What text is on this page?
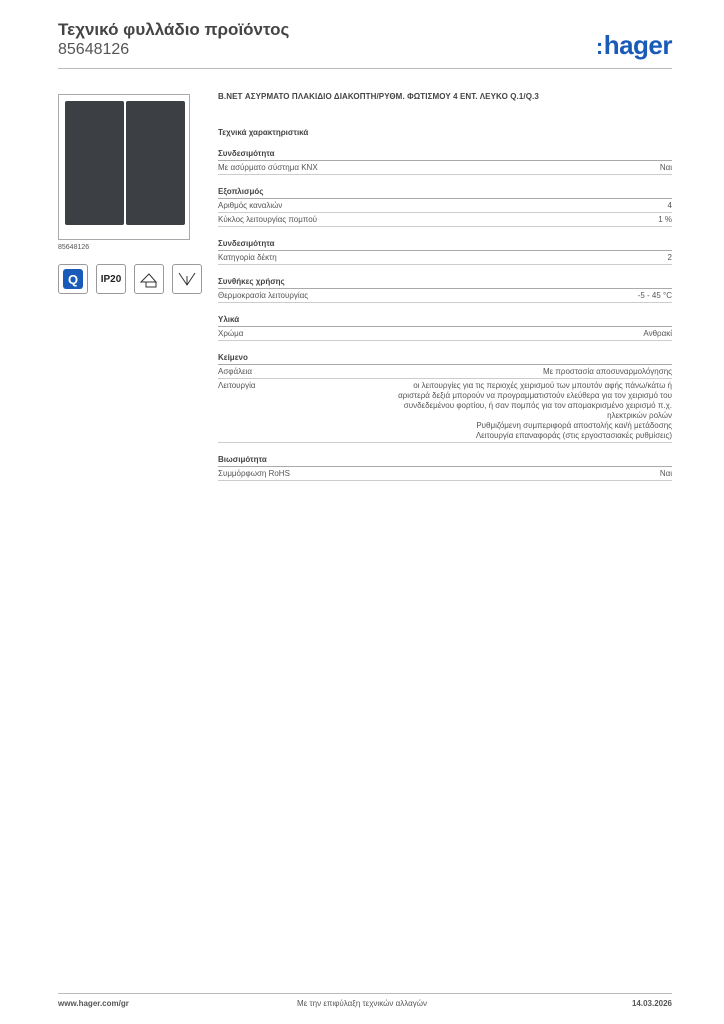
Τεχνικό φυλλάδιο προϊόντος
85648126	:hager
85648126
Q	IP20
B.NET ΑΣΥΡΜΑΤΟ ΠΛΑΚΙΔΙΟ ΔΙΑΚΟΠΤΗ/ΡΥΘΜ. ΦΩΤΙΣΜΟΥ 4 ΕΝΤ. ΛΕΥΚΟ Q.1/Q.3
Τεχνικά χαρακτηριστικά
Συνδεσιμότητα
Με ασύρματο σύστημα KNX	Ναι
Εξοπλισμός
Αριθμός καναλιών	4
Κύκλος λειτουργίας πομπού	1 %
Συνδεσιμότητα
Κατηγορία δέκτη	2
Συνθήκες χρήσης
Θερμοκρασία λειτουργίας	-5 - 45 °C
Υλικά
Χρώμα	Ανθρακί
Κείμενο
Ασφάλεια	Με προστασία αποσυναρμολόγησης
Λειτουργία	οι λειτουργίες για τις περιοχές χειρισμού των μπουτόν αφής πάνω/κάτω ή
αριστερά δεξιά μπορούν να προγραμματιστούν ελεύθερα για τον χειρισμό του
συνδεδεμένου φορτίου, ή σαν πομπός για τον απομακρισμένο χειρισμό π.χ.
ηλεκτρικών ρολών
Ρυθμιζόμενη συμπεριφορά αποστολής και/ή μετάδοσης
Λειτουργία επαναφοράς (στις εργοστασιακές ρυθμίσεις)
Βιωσιμότητα
Συμμόρφωση RoHS	Ναι
www.hager.com/gr	Με την επιφύλαξη τεχνικών αλλαγών	14.03.2026
